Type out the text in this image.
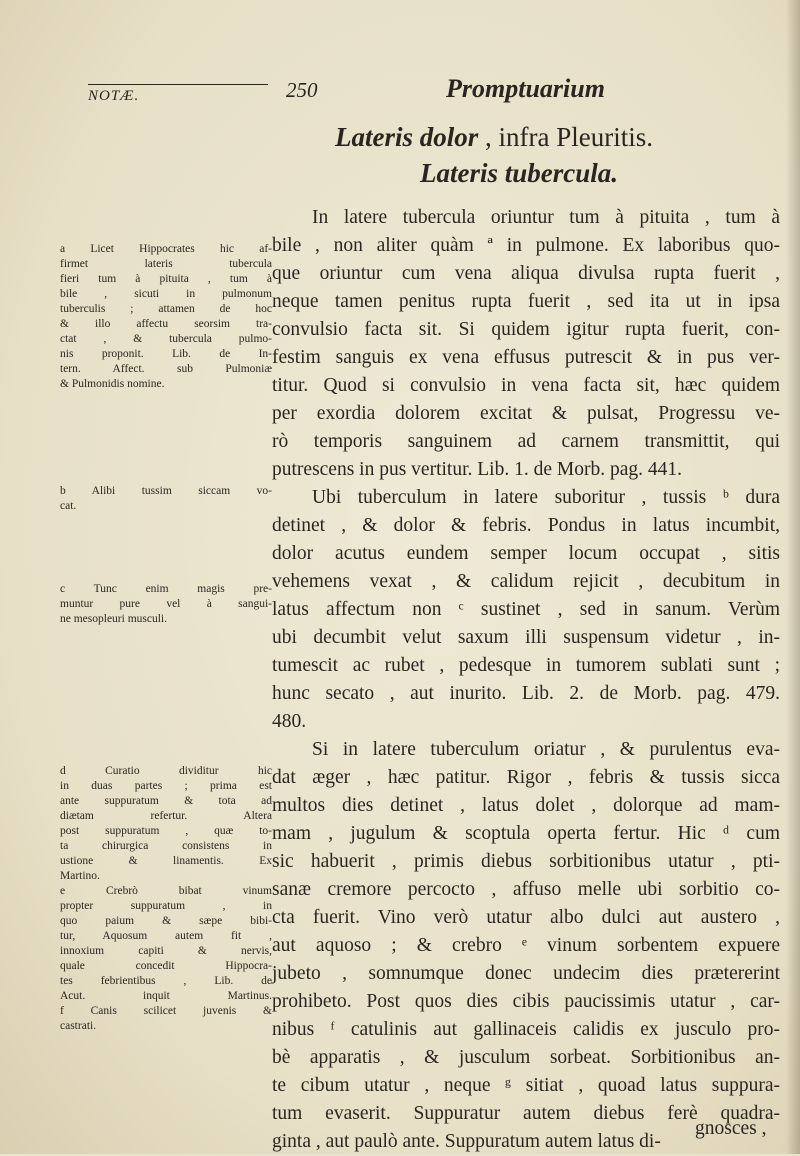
NOTÆ.	250	Promptuarium
Lateris dolor , infra Pleuritis.
Lateris tubercula.
In latere tubercula oriuntur tum à pituita , tum à
bile , non aliter quàm ª in pulmone. Ex laboribus quo-
que oriuntur cum vena aliqua divulsa rupta fuerit ,
neque tamen penitus rupta fuerit , sed ita ut in ipsa
convulsio facta sit. Si quidem igitur rupta fuerit, con-
festim sanguis ex vena effusus putrescit & in pus ver-
titur. Quod si convulsio in vena facta sit, hæc quidem
per exordia dolorem excitat & pulsat, Progressu ve-
rò temporis sanguinem ad carnem transmittit, qui
putrescens in pus vertitur. Lib. 1. de Morb. pag. 441.
Ubi tuberculum in latere suboritur , tussis ᵇ dura
detinet , & dolor & febris. Pondus in latus incumbit,
dolor acutus eundem semper locum occupat , sitis
vehemens vexat , & calidum rejicit , decubitum in
latus affectum non ᶜ sustinet , sed in sanum. Verùm
ubi decumbit velut saxum illi suspensum videtur , in-
tumescit ac rubet , pedesque in tumorem sublati sunt ;
hunc secato , aut inurito. Lib. 2. de Morb. pag. 479.
480.
Si in latere tuberculum oriatur , & purulentus eva-
dat æger , hæc patitur. Rigor , febris & tussis sicca
multos dies detinet , latus dolet , dolorque ad mam-
mam , jugulum & scoptula operta fertur. Hic ᵈ cum
sic habuerit , primis diebus sorbitionibus utatur , pti-
sanæ cremore percocto , affuso melle ubi sorbitio co-
cta fuerit. Vino verò utatur albo dulci aut austero ,
aut aquoso ; & crebro ᵉ vinum sorbentem expuere
jubeto , somnumque donec undecim dies prætererint
prohibeto. Post quos dies cibis paucissimis utatur , car-
nibus ᶠ catulinis aut gallinaceis calidis ex jusculo pro-
bè apparatis , & jusculum sorbeat. Sorbitionibus an-
te cibum utatur , neque ᵍ sitiat , quoad latus suppura-
tum evaserit. Suppuratur autem diebus ferè quadra-
ginta , aut paulò ante. Suppuratum autem latus di-
a Licet Hippocrates hic af-
firmet lateris tubercula
fieri tum à pituita , tum à
bile , sicuti in pulmonum
tuberculis ; attamen de hoc
& illo affectu seorsim tra-
ctat , & tubercula pulmo-
nis proponit. Lib. de In-
tern. Affect. sub Pulmoniæ
& Pulmonidis nomine.
b Alibi tussim siccam vo-
cat.
c Tunc enim magis pre-
muntur pure vel à sangui-
ne mesopleuri musculi.
d Curatio dividitur hic
in duas partes ; prima est
ante suppuratum & tota ad
diætam refertur. Altera
post suppuratum , quæ to-
ta chirurgica consistens in
ustione & linamentis. Ex
Martino.
e Crebrò bibat vinum
propter suppuratum , in
quo paium & sæpe bibi-
tur, Aquosum autem fit ,
innoxium capiti & nervis,
quale concedit Hippocra-
tes febrientibus , Lib. de
Acut. inquit Martinus.
f Canis scilicet juvenis &
castrati.
gnosces ,
